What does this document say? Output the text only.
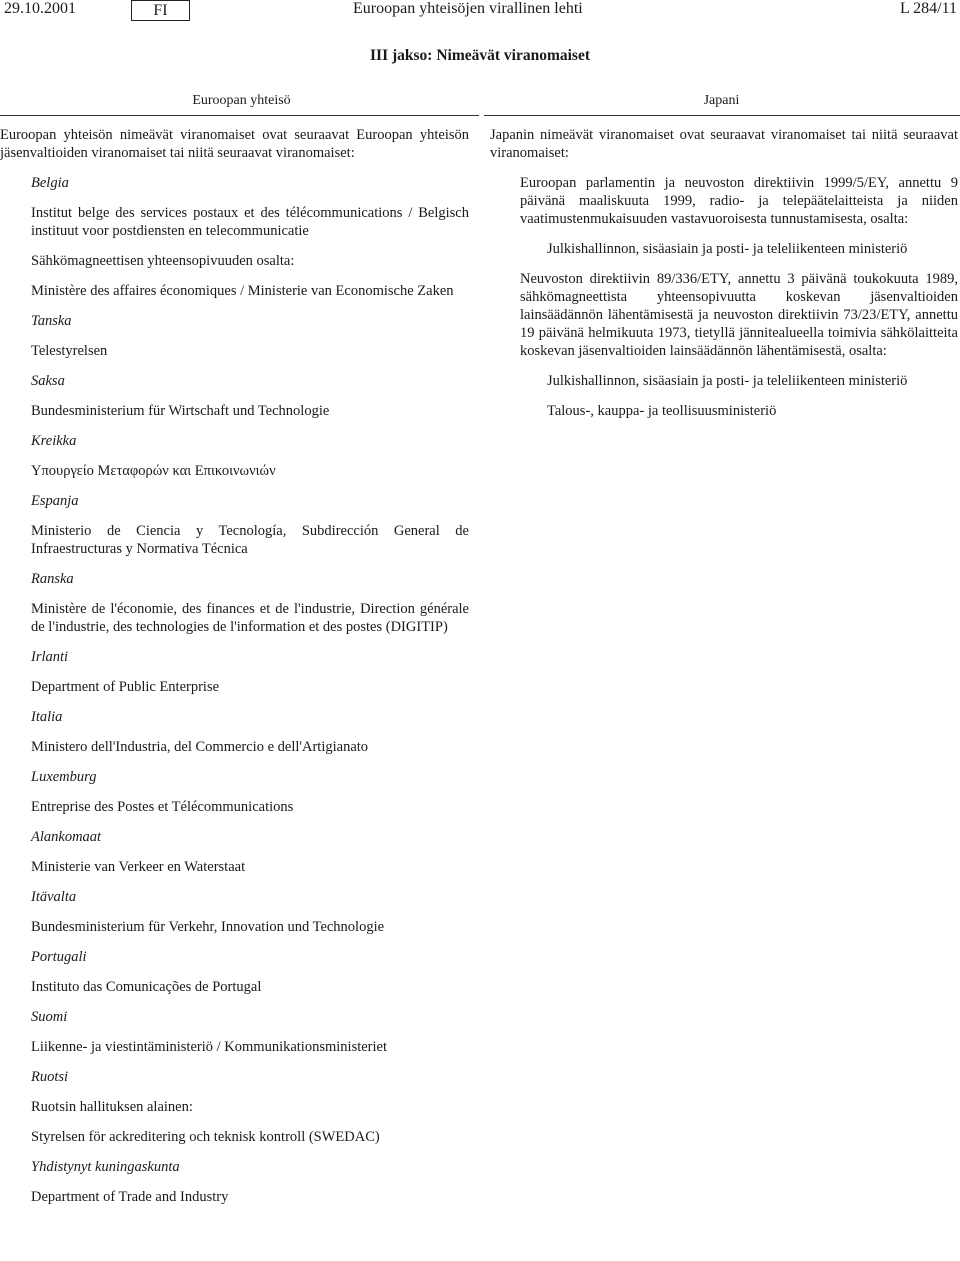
29.10.2001	FI	Euroopan yhteisöjen virallinen lehti	L 284/11
III jakso: Nimeävät viranomaiset
Euroopan yhteisö	Japani

Euroopan yhteisön nimeävät viranomaiset ovat seuraavat Euroopan yhteisön jäsenvaltioiden viranomaiset tai niitä seuraavat viranomaiset:

Belgia

Institut belge des services postaux et des télécommunications / Belgisch instituut voor postdiensten en telecommunicatie

Sähkömagneettisen yhteensopivuuden osalta:

Ministère des affaires économiques / Ministerie van Economische Zaken

Tanska

Telestyrelsen

Saksa

Bundesministerium für Wirtschaft und Technologie

Kreikka

Υπουργείο Μεταφορών και Επικοινωνιών

Espanja

Ministerio de Ciencia y Tecnología, Subdirección General de Infraestructuras y Normativa Técnica

Ranska

Ministère de l'économie, des finances et de l'industrie, Direction générale de l'industrie, des technologies de l'information et des postes (DIGITIP)

Irlanti

Department of Public Enterprise

Italia

Ministero dell'Industria, del Commercio e dell'Artigianato

Luxemburg

Entreprise des Postes et Télécommunications

Alankomaat

Ministerie van Verkeer en Waterstaat

Itävalta

Bundesministerium für Verkehr, Innovation und Technologie

Portugali

Instituto das Comunicações de Portugal

Suomi

Liikenne- ja viestintäministeriö / Kommunikationsministeriet

Ruotsi

Ruotsin hallituksen alainen:

Styrelsen för ackreditering och teknisk kontroll (SWEDAC)

Yhdistynyt kuningaskunta

Department of Trade and Industry

Japanin nimeävät viranomaiset ovat seuraavat viranomaiset tai niitä seuraavat viranomaiset:

Euroopan parlamentin ja neuvoston direktiivin 1999/5/EY, annettu 9 päivänä maaliskuuta 1999, radio- ja telepäätelaitteista ja niiden vaatimustenmukaisuuden vastavuoroisesta tunnustamisesta, osalta:

Julkishallinnon, sisäasiain ja posti- ja teleliikenteen ministeriö

Neuvoston direktiivin 89/336/ETY, annettu 3 päivänä toukokuuta 1989, sähkömagneettista yhteensopivuutta koskevan jäsenvaltioiden lainsäädännön lähentämisestä ja neuvoston direktiivin 73/23/ETY, annettu 19 päivänä helmikuuta 1973, tietyllä jännitealueella toimivia sähkölaitteita koskevan jäsenvaltioiden lainsäädännön lähentämisestä, osalta:

Julkishallinnon, sisäasiain ja posti- ja teleliikenteen ministeriö

Talous-, kauppa- ja teollisuusministeriö
